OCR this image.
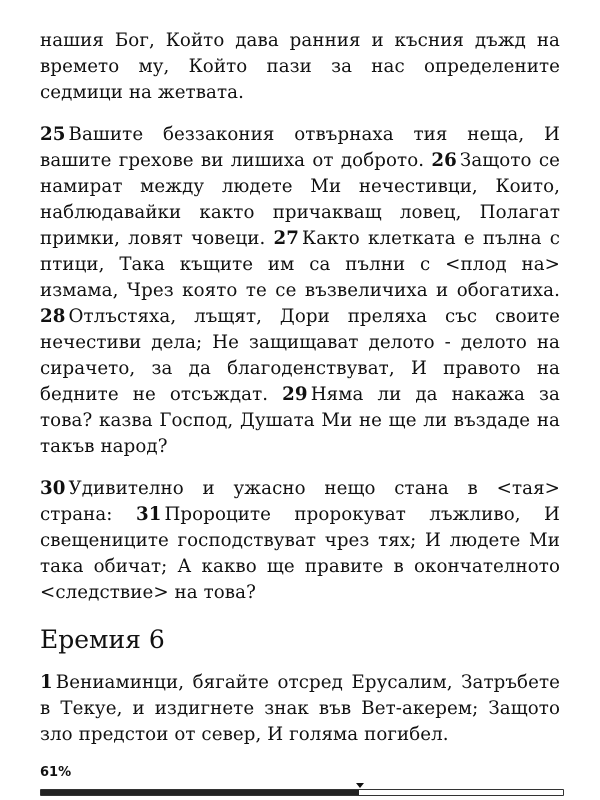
нашия Бог, Който дава ранния и късния дъжд на времето му, Който пази за нас определените седмици на жетвата.

25 Вашите беззакония отвърнаха тия неща, И вашите грехове ви лишиха от доброто. 26 Защото се намират между людете Ми нечестивци, Които, наблюдавайки както причакващ ловец, Полагат примки, ловят човеци. 27 Както клетката е пълна с птици, Така къщите им са пълни с <плод на> измама, Чрез която те се възвеличиха и обогатиха. 28 Отлъстяха, лъщят, Дори преляха със своите нечестиви дела; Не защищават делото - делото на сирачето, за да благоденствуват, И правото на бедните не отсъждат. 29 Няма ли да накажа за това? казва Господ, Душата Ми не ще ли въздаде на такъв народ?

30 Удивително и ужасно нещо стана в <тая> страна: 31 Пророците пророкуват лъжливо, И свещениците господствуват чрез тях; И людете Ми така обичат; А какво ще правите в окончателното <следствие> на това?

Еремия 6

1 Вениаминци, бягайте отсред Ерусалим, Затръбете в Текуе, и издигнете знак във Вет-акерем; Защото зло предстои от север, И голяма погибел.

61%
